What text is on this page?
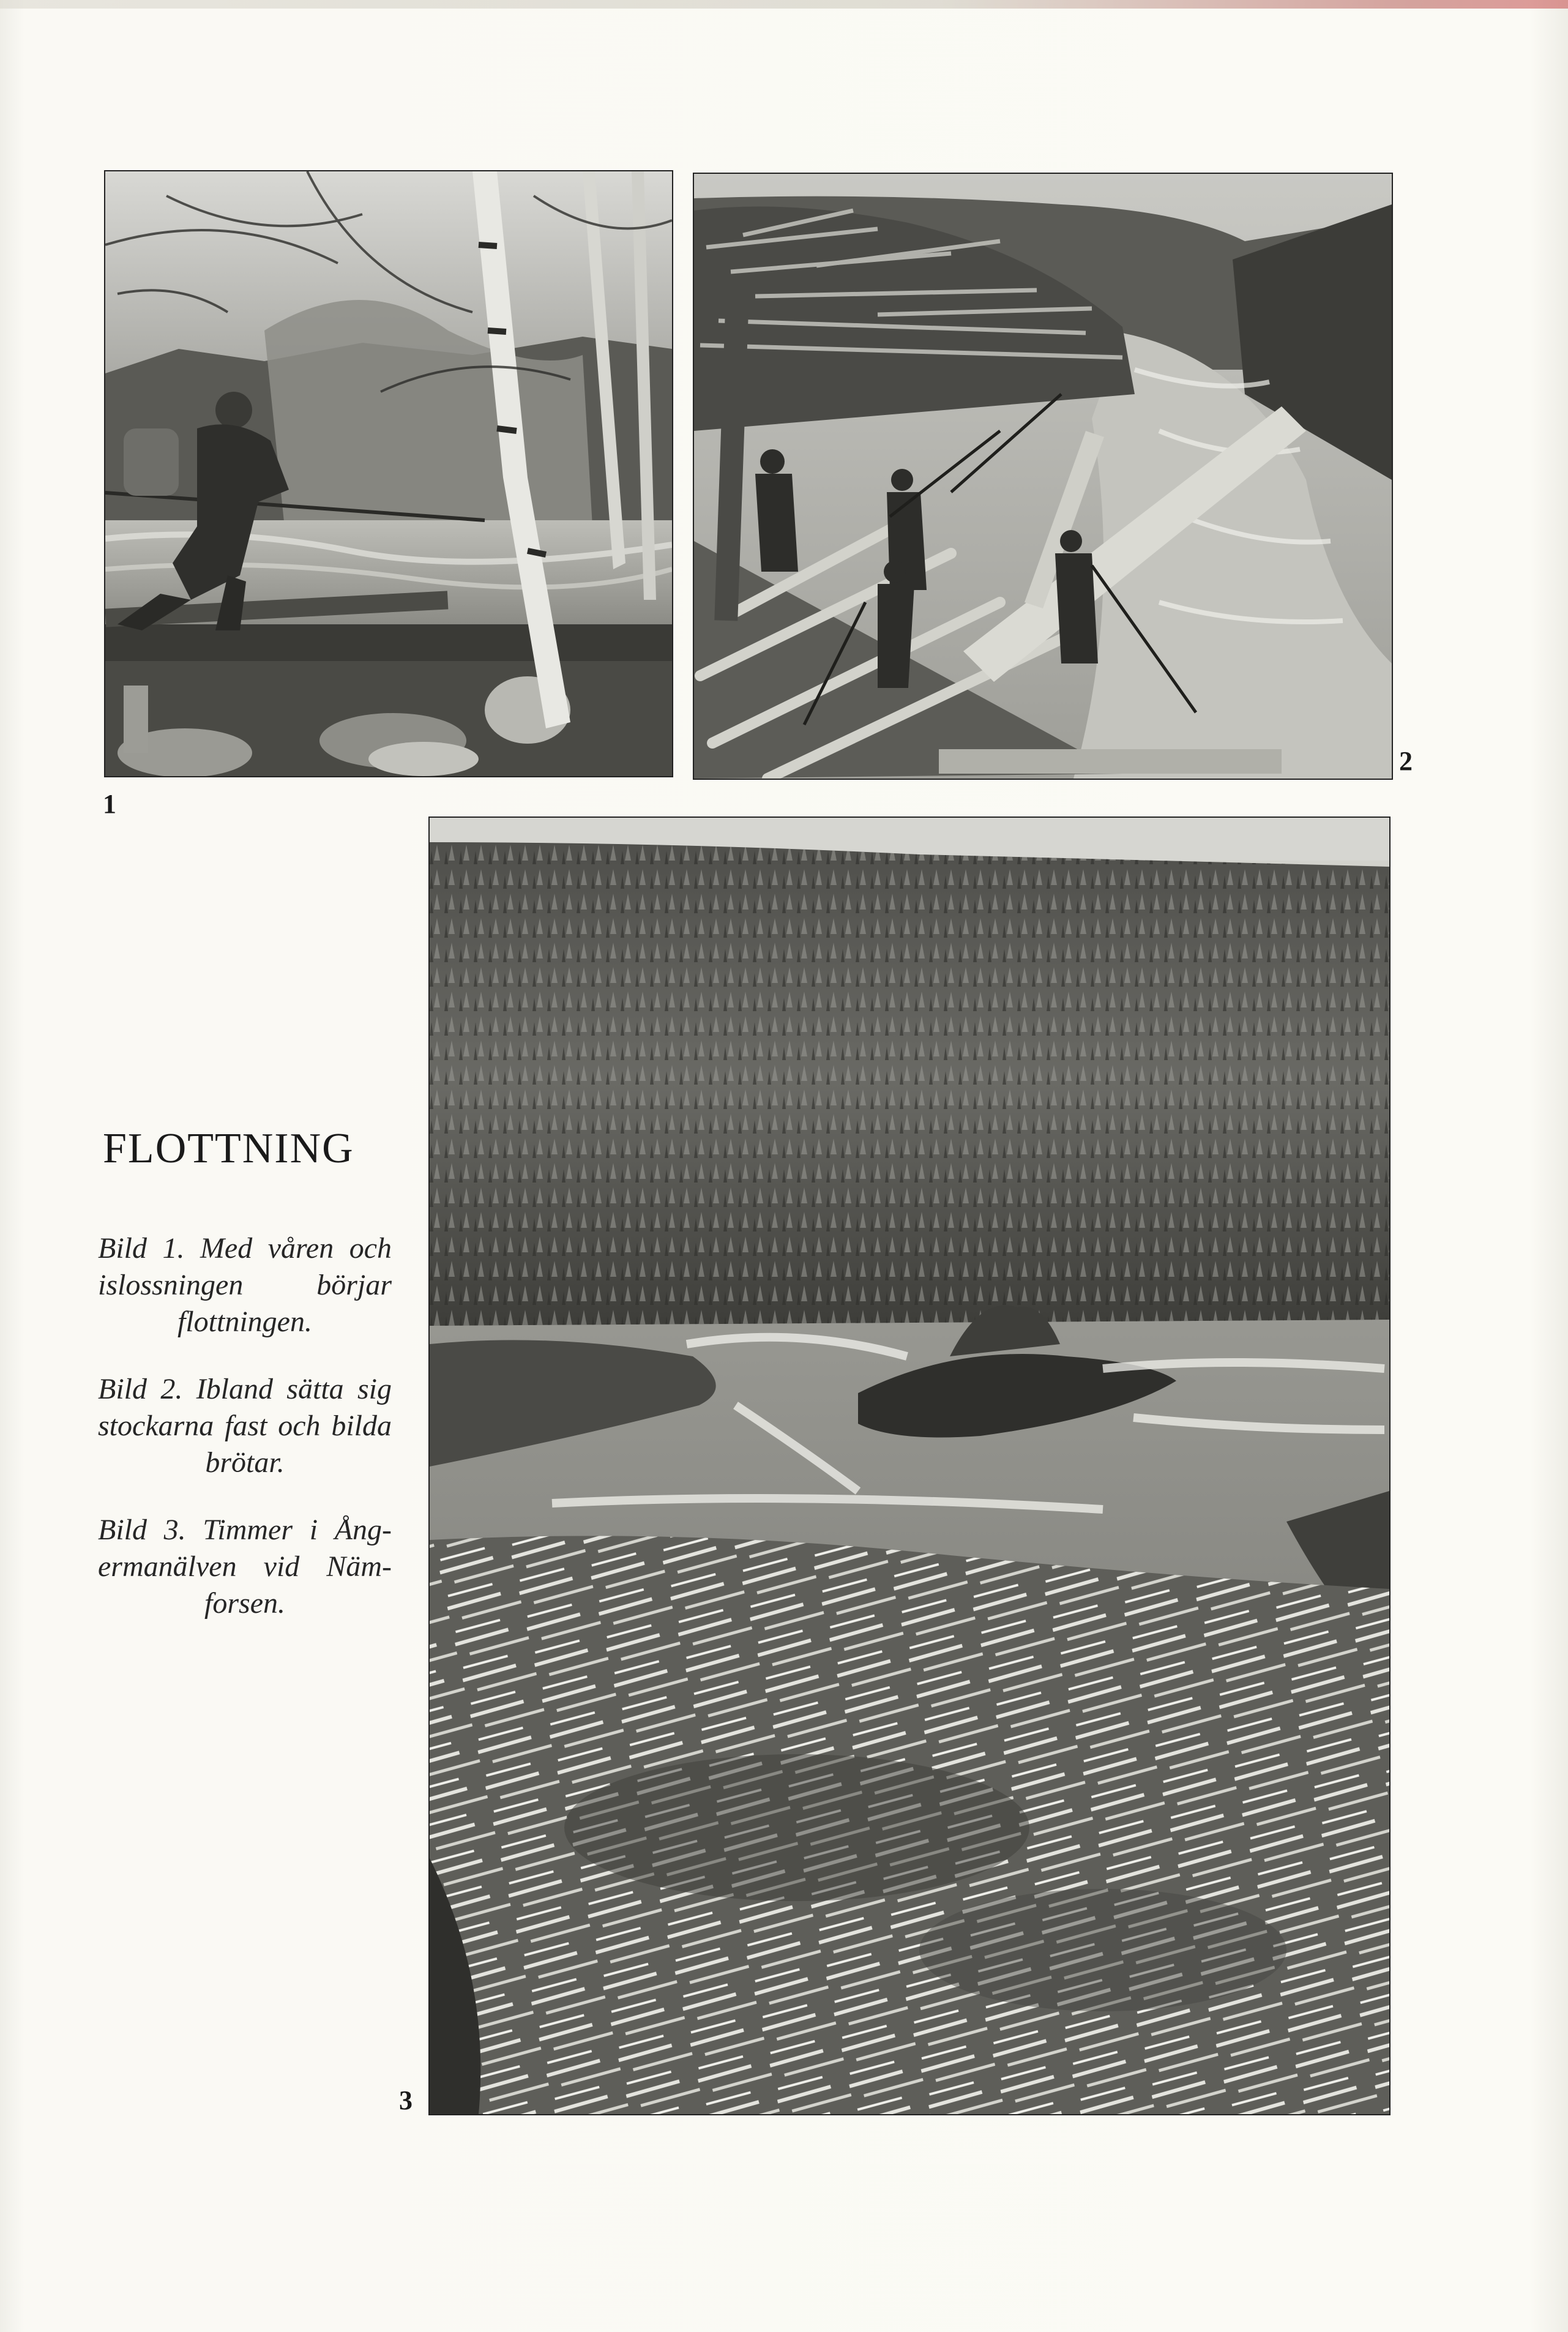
1
2
FLOTTNING

Bild 1. Med våren och islossningen börjar flottningen.

Bild 2. Ibland sätta sig stockarna fast och bilda brötar.

Bild 3. Timmer i Ångermanälven vid Nämforsen.

3
